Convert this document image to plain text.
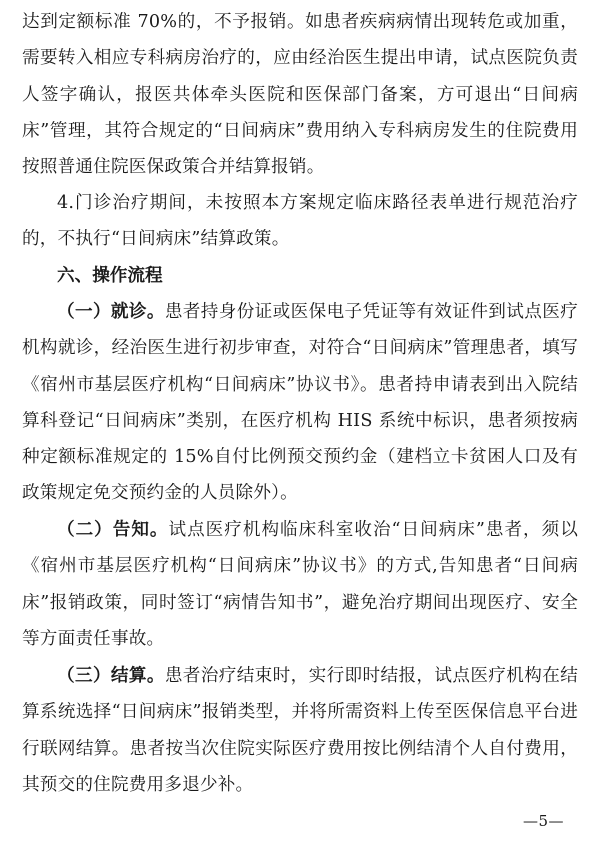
达到定额标准 70%的，不予报销。如患者疾病病情出现转危或加重，需要转入相应专科病房治疗的，应由经治医生提出申请，试点医院负责人签字确认，报医共体牵头医院和医保部门备案，方可退出“日间病床”管理，其符合规定的“日间病床”费用纳入专科病房发生的住院费用按照普通住院医保政策合并结算报销。

4.门诊治疗期间，未按照本方案规定临床路径表单进行规范治疗的，不执行“日间病床”结算政策。

六、操作流程

（一）就诊。患者持身份证或医保电子凭证等有效证件到试点医疗机构就诊，经治医生进行初步审查，对符合“日间病床”管理患者，填写《宿州市基层医疗机构“日间病床”协议书》。患者持申请表到出入院结算科登记“日间病床”类别，在医疗机构 HIS 系统中标识，患者须按病种定额标准规定的 15%自付比例预交预约金（建档立卡贫困人口及有政策规定免交预约金的人员除外）。

（二）告知。试点医疗机构临床科室收治“日间病床”患者，须以《宿州市基层医疗机构“日间病床”协议书》的方式,告知患者“日间病床”报销政策，同时签订“病情告知书”，避免治疗期间出现医疗、安全等方面责任事故。

（三）结算。患者治疗结束时，实行即时结报，试点医疗机构在结算系统选择“日间病床”报销类型，并将所需资料上传至医保信息平台进行联网结算。患者按当次住院实际医疗费用按比例结清个人自付费用，其预交的住院费用多退少补。

—5—
